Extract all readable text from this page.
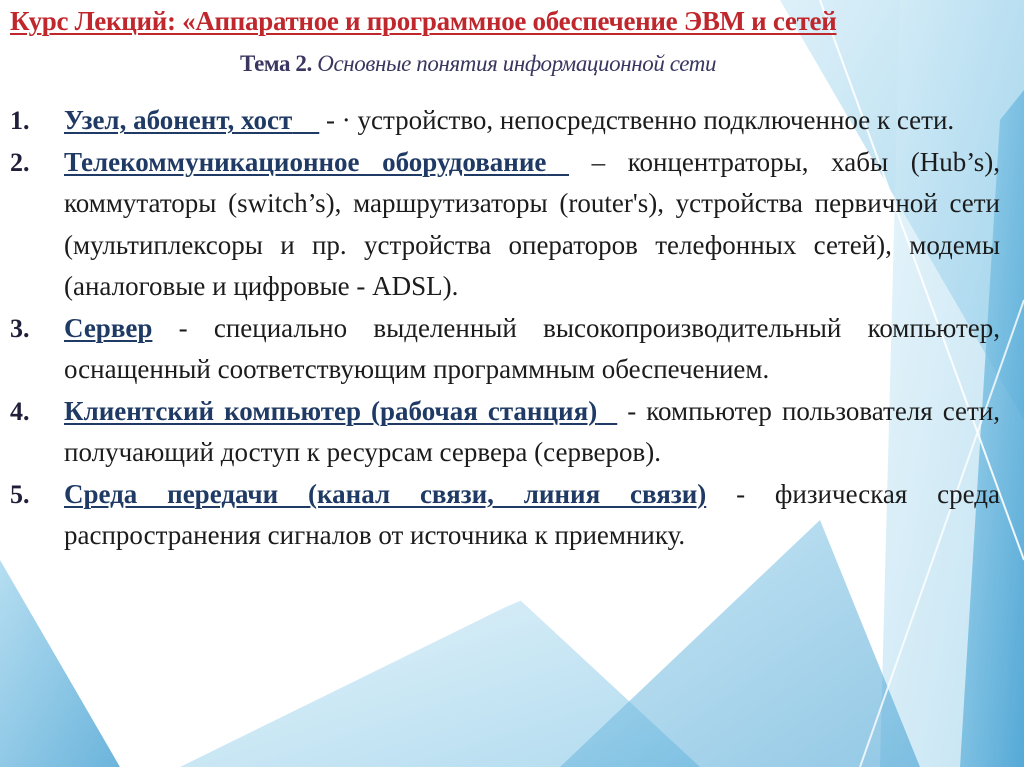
Курс Лекций: «Аппаратное и программное обеспечение ЭВМ и сетей
Тема 2. Основные понятия информационной сети
1. Узел, абонент, хост - · устройство, непосредственно подключенное к сети.
2. Телекоммуникационное оборудование – концентраторы, хабы (Hub’s), коммутаторы (switch’s), маршрутизаторы (router's), устройства первичной сети (мультиплексоры и пр. устройства операторов телефонных сетей), модемы (аналоговые и цифровые - ADSL).
3. Сервер - специально выделенный высокопроизводительный компьютер, оснащенный соответствующим программным обеспечением.
4. Клиентский компьютер (рабочая станция) - компьютер пользователя сети, получающий доступ к ресурсам сервера (серверов).
5. Среда передачи (канал связи, линия связи) - физическая среда распространения сигналов от источника к приемнику.
